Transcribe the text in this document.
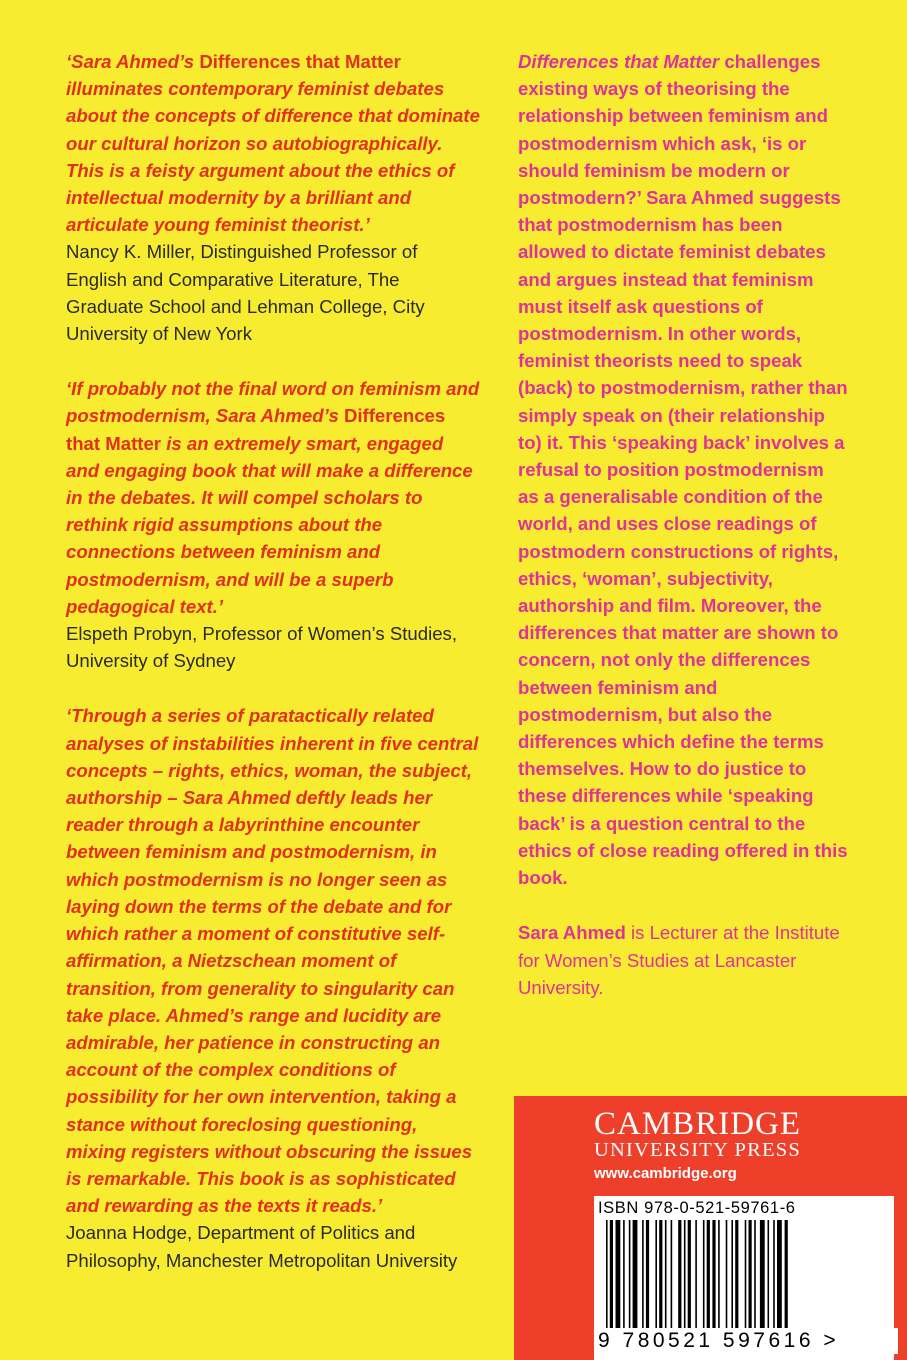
‘Sara Ahmed’s Differences that Matter illuminates contemporary feminist debates about the concepts of difference that dominate our cultural horizon so autobiographically. This is a feisty argument about the ethics of intellectual modernity by a brilliant and articulate young feminist theorist.’

Nancy K. Miller, Distinguished Professor of English and Comparative Literature, The Graduate School and Lehman College, City University of New York

‘If probably not the final word on feminism and postmodernism, Sara Ahmed’s Differences that Matter is an extremely smart, engaged and engaging book that will make a difference in the debates. It will compel scholars to rethink rigid assumptions about the connections between feminism and postmodernism, and will be a superb pedagogical text.’

Elspeth Probyn, Professor of Women’s Studies, University of Sydney

‘Through a series of paratactically related analyses of instabilities inherent in five central concepts – rights, ethics, woman, the subject, authorship – Sara Ahmed deftly leads her reader through a labyrinthine encounter between feminism and postmodernism, in which postmodernism is no longer seen as laying down the terms of the debate and for which rather a moment of constitutive self-affirmation, a Nietzschean moment of transition, from generality to singularity can take place. Ahmed’s range and lucidity are admirable, her patience in constructing an account of the complex conditions of possibility for her own intervention, taking a stance without foreclosing questioning, mixing registers without obscuring the issues is remarkable. This book is as sophisticated and rewarding as the texts it reads.’

Joanna Hodge, Department of Politics and Philosophy, Manchester Metropolitan University

Differences that Matter challenges existing ways of theorising the relationship between feminism and postmodernism which ask, ‘is or should feminism be modern or postmodern?’ Sara Ahmed suggests that postmodernism has been allowed to dictate feminist debates and argues instead that feminism must itself ask questions of postmodernism. In other words, feminist theorists need to speak (back) to postmodernism, rather than simply speak on (their relationship to) it. This ‘speaking back’ involves a refusal to position postmodernism as a generalisable condition of the world, and uses close readings of postmodern constructions of rights, ethics, ‘woman’, subjectivity, authorship and film. Moreover, the differences that matter are shown to concern, not only the differences between feminism and postmodernism, but also the differences which define the terms themselves. How to do justice to these differences while ‘speaking back’ is a question central to the ethics of close reading offered in this book.

Sara Ahmed is Lecturer at the Institute for Women’s Studies at Lancaster University.

CAMBRIDGE
UNIVERSITY PRESS
www.cambridge.org
ISBN 978-0-521-59761-6
9 780521 597616 >
